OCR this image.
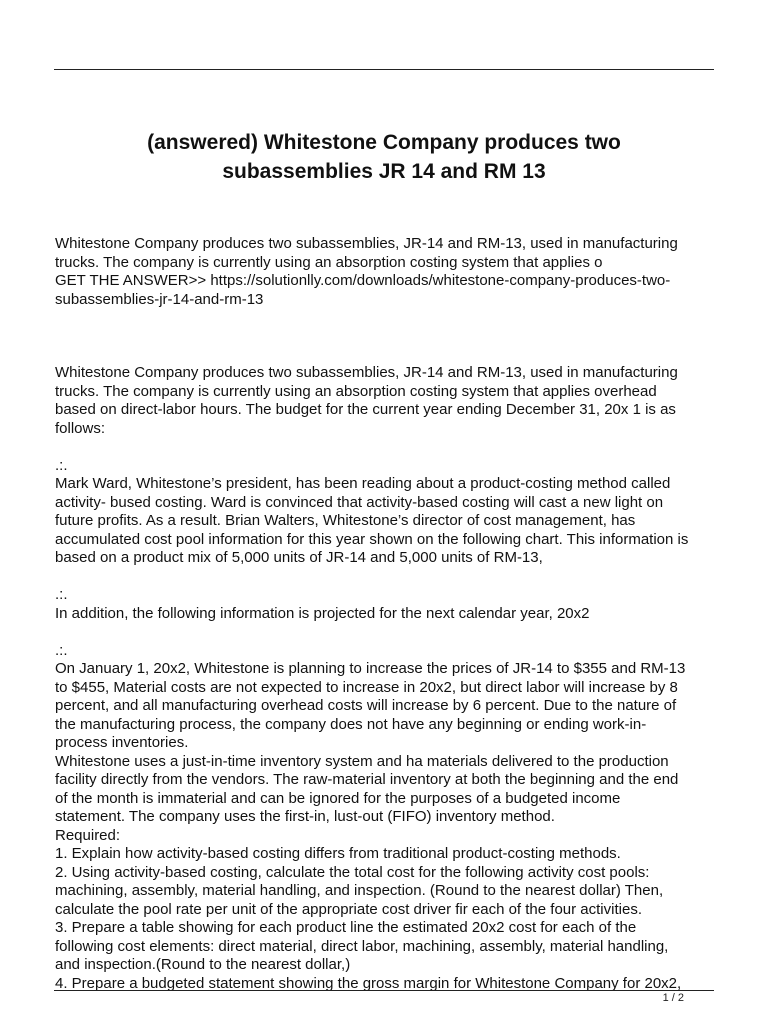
(answered) Whitestone Company produces two
subassemblies JR 14 and RM 13

Whitestone Company produces two subassemblies, JR-14 and RM-13, used in manufacturing
trucks. The company is currently using an absorption costing system that applies o
GET THE ANSWER>> https://solutionlly.com/downloads/whitestone-company-produces-two-
subassemblies-jr-14-and-rm-13

Whitestone Company produces two subassemblies, JR-14 and RM-13, used in manufacturing
trucks. The company is currently using an absorption costing system that applies overhead
based on direct-labor hours. The budget for the current year ending December 31, 20x 1 is as
follows:

.:.
Mark Ward, Whitestone’s president, has been reading about a product-costing method called
activity- bused costing. Ward is convinced that activity-based costing will cast a new light on
future profits. As a result. Brian Walters, Whitestone’s director of cost management, has
accumulated cost pool information for this year shown on the following chart. This information is
based on a product mix of 5,000 units of JR-14 and 5,000 units of RM-13,

.:.
In addition, the following information is projected for the next calendar year, 20x2

.:.
On January 1, 20x2, Whitestone is planning to increase the prices of JR-14 to $355 and RM-13
to $455, Material costs are not expected to increase in 20x2, but direct labor will increase by 8
percent, and all manufacturing overhead costs will increase by 6 percent. Due to the nature of
the manufacturing process, the company does not have any beginning or ending work-in-
process inventories.
Whitestone uses a just-in-time inventory system and ha materials delivered to the production
facility directly from the vendors. The raw-material inventory at both the beginning and the end
of the month is immaterial and can be ignored for the purposes of a budgeted income
statement. The company uses the first-in, lust-out (FIFO) inventory method.
Required:
1. Explain how activity-based costing differs from traditional product-costing methods.
2. Using activity-based costing, calculate the total cost for the following activity cost pools:
machining, assembly, material handling, and inspection. (Round to the nearest dollar) Then,
calculate the pool rate per unit of the appropriate cost driver fir each of the four activities.
3. Prepare a table showing for each product line the estimated 20x2 cost for each of the
following cost elements: direct material, direct labor, machining, assembly, material handling,
and inspection.(Round to the nearest dollar,)
4. Prepare a budgeted statement showing the gross margin for Whitestone Company for 20x2,

1 / 2
